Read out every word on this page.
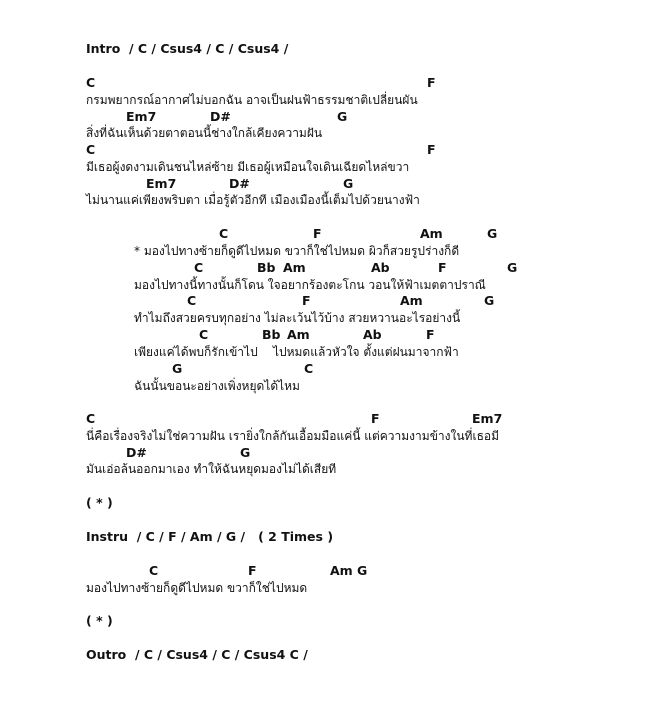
Intro  / C / Csus4 / C / Csus4 /
C	F
กรมพยากรณ์อากาศไม่บอกฉัน อาจเป็นฝนฟ้าธรรมชาติเปลี่ยนผัน
Em7	D#	G
สิ่งที่ฉันเห็นด้วยตาตอนนี้ช่างใกล้เคียงความฝัน
C	F
มีเธอผู้งดงามเดินชนไหล่ซ้าย มีเธอผู้เหมือนใจเดินเฉียดไหล่ขวา
Em7	D#	G
ไม่นานแค่เพียงพริบตา เมื่อรู้ตัวอีกที เมืองเมืองนี้เต็มไปด้วยนางฟ้า
C	F	Am	G
* มองไปทางซ้ายก็ดูดีไปหมด ขวาก็ใช่ไปหมด ผิวก็สวยรูปร่างก็ดี
C	Bb Am	Ab	F	G
มองไปทางนี้ทางนั้นก็โดน ใจอยากร้องตะโกน วอนให้ฟ้าเมตตาปราณี
C	F	Am	G
ทำไมถึงสวยครบทุกอย่าง ไม่ละเว้นไว้บ้าง สวยหวานอะไรอย่างนี้
C	Bb Am	Ab	F
เพียงแค่ได้พบก็รักเข้าไป    ไปหมดแล้วหัวใจ ตั้งแต่ฝนมาจากฟ้า
G	C
ฉันนั้นขอนะอย่างเพิ่งหยุดได้ไหม
C	F	Em7
นี่คือเรื่องจริงไม่ใช่ความฝัน เรายิ่งใกล้กันเอื้อมมือแค่นี้ แต่ความงามข้างในที่เธอมี
D#	G
มันเอ่อล้นออกมาเอง ทำให้ฉันหยุดมองไม่ได้เสียที
( * )
Instru  / C / F / Am / G /   ( 2 Times )
C	F	Am G
มองไปทางซ้ายก็ดูดีไปหมด ขวาก็ใช่ไปหมด
( * )
Outro  / C / Csus4 / C / Csus4 C /
